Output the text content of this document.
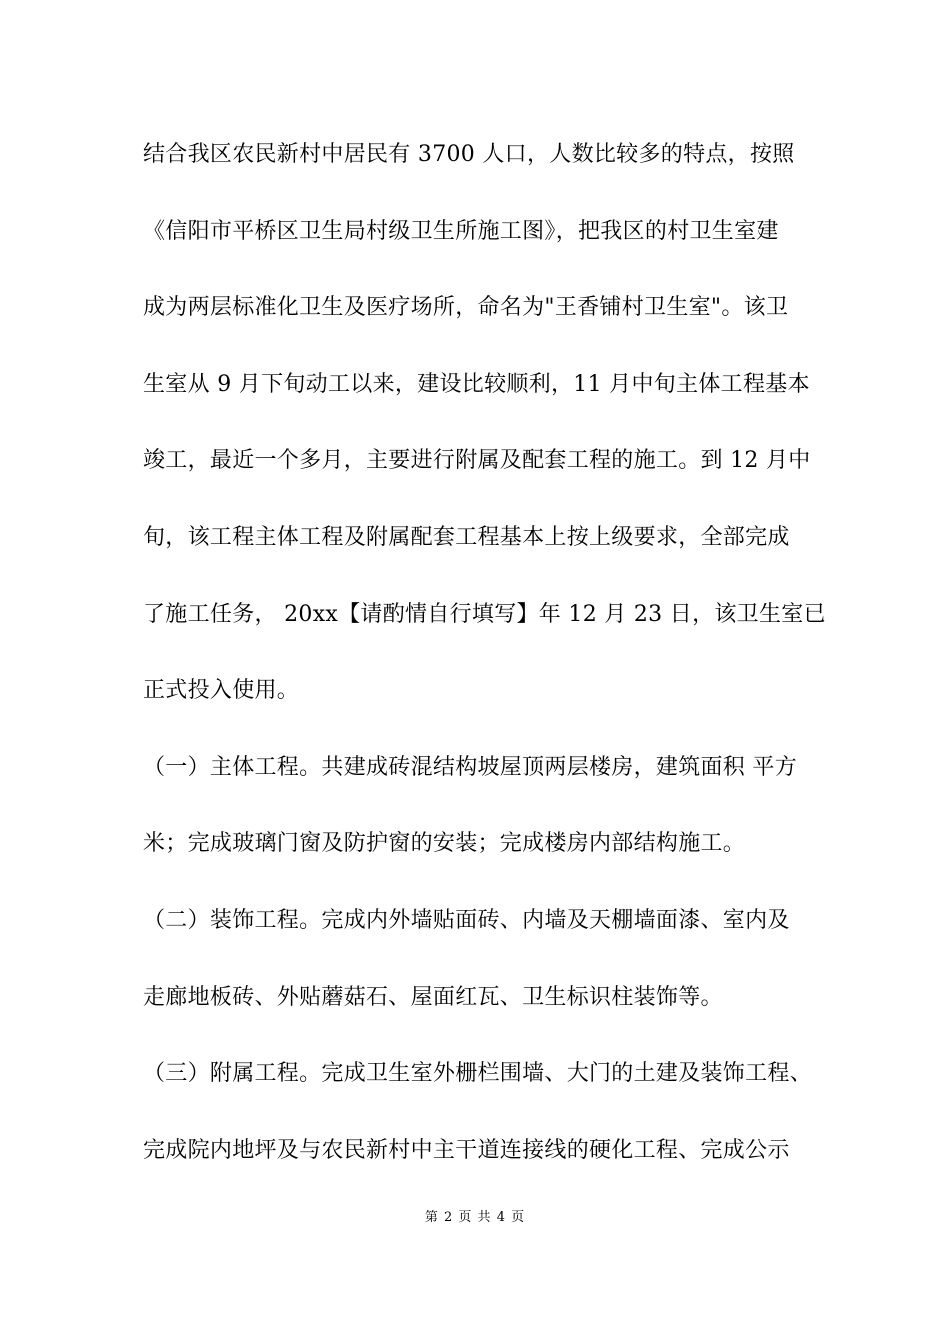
结合我区农民新村中居民有 3700 人口，人数比较多的特点，按照
《信阳市平桥区卫生局村级卫生所施工图》，把我区的村卫生室建
成为两层标准化卫生及医疗场所，命名为"王香铺村卫生室"。该卫
生室从 9 月下旬动工以来，建设比较顺利，11 月中旬主体工程基本
竣工，最近一个多月，主要进行附属及配套工程的施工。到 12 月中
旬，该工程主体工程及附属配套工程基本上按上级要求，全部完成
了施工任务， 20xx【请酌情自行填写】年 12 月 23 日，该卫生室已
正式投入使用。
（一）主体工程。共建成砖混结构坡屋顶两层楼房，建筑面积 平方
米；完成玻璃门窗及防护窗的安装；完成楼房内部结构施工。
（二）装饰工程。完成内外墙贴面砖、内墙及天棚墙面漆、室内及
走廊地板砖、外贴蘑菇石、屋面红瓦、卫生标识柱装饰等。
（三）附属工程。完成卫生室外栅栏围墙、大门的土建及装饰工程、
完成院内地坪及与农民新村中主干道连接线的硬化工程、完成公示
第 2 页 共 4 页
